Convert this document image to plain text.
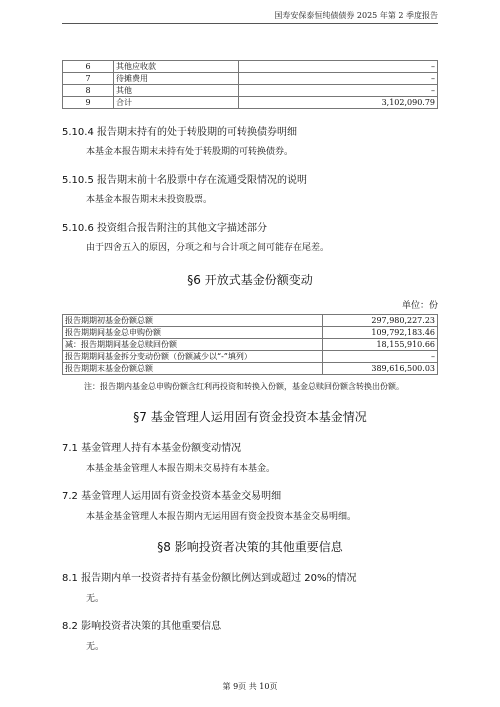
国寿安保泰恒纯债债券 2025 年第 2 季度报告
6	其他应收款	–
7	待摊费用	–
8	其他	–
9	合计	3,102,090.79
5.10.4 报告期末持有的处于转股期的可转换债券明细

本基金本报告期末未持有处于转股期的可转换债券。

5.10.5 报告期末前十名股票中存在流通受限情况的说明

本基金本报告期末未投资股票。

5.10.6 投资组合报告附注的其他文字描述部分

由于四舍五入的原因，分项之和与合计项之间可能存在尾差。

§6 开放式基金份额变动
单位：份
报告期期初基金份额总额	297,980,227.23
报告期期间基金总申购份额	109,792,183.46
减：报告期期间基金总赎回份额	18,155,910.66
报告期期间基金拆分变动份额（份额减少以“-”填列）	–
报告期期末基金份额总额	389,616,500.03
注：报告期内基金总申购份额含红利再投资和转换入份额，基金总赎回份额含转换出份额。
§7 基金管理人运用固有资金投资本基金情况
7.1 基金管理人持有本基金份额变动情况

本基金基金管理人本报告期未交易持有本基金。

7.2 基金管理人运用固有资金投资本基金交易明细

本基金基金管理人本报告期内无运用固有资金投资本基金交易明细。

§8 影响投资者决策的其他重要信息
8.1 报告期内单一投资者持有基金份额比例达到或超过 20%的情况

无。

8.2 影响投资者决策的其他重要信息

无。

第 9页 共 10页
